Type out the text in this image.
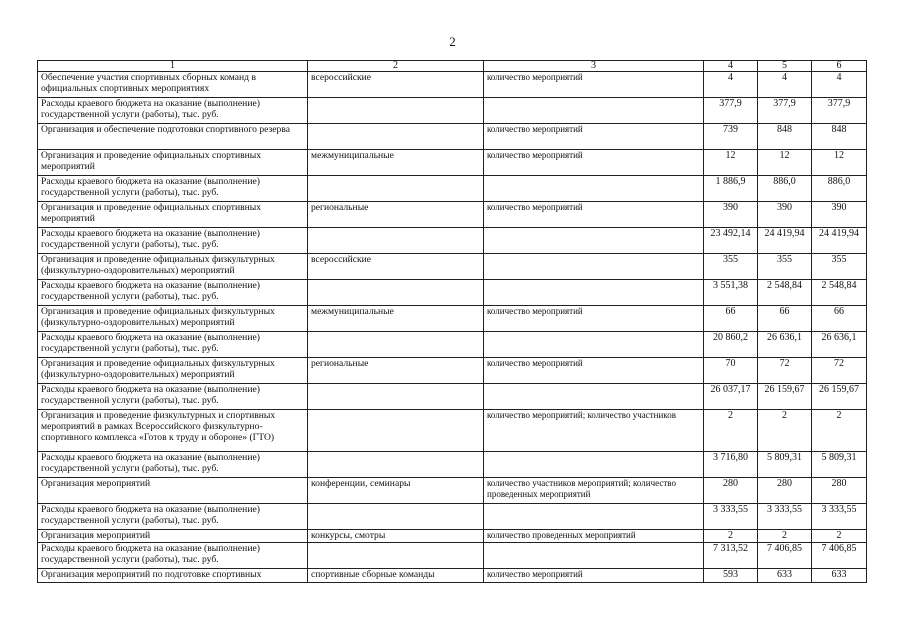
2
1	2	3	4	5	6
Обеспечение участия спортивных сборных команд в официальных спортивных мероприятиях	всероссийские	количество мероприятий	4	4	4
Расходы краевого бюджета на оказание (выполнение) государственной услуги (работы), тыс. руб.			377,9	377,9	377,9
Организация и обеспечение подготовки спортивного резерва		количество мероприятий	739	848	848
Организация и проведение официальных спортивных мероприятий	межмуниципальные	количество мероприятий	12	12	12
Расходы краевого бюджета на оказание (выполнение) государственной услуги (работы), тыс. руб.			1 886,9	886,0	886,0
Организация и проведение официальных спортивных мероприятий	региональные	количество мероприятий	390	390	390
Расходы краевого бюджета на оказание (выполнение) государственной услуги (работы), тыс. руб.			23 492,14	24 419,94	24 419,94
Организация и проведение официальных физкультурных (физкультурно-оздоровительных) мероприятий	всероссийские		355	355	355
Расходы краевого бюджета на оказание (выполнение) государственной услуги (работы), тыс. руб.			3 551,38	2 548,84	2 548,84
Организация и проведение официальных физкультурных (физкультурно-оздоровительных) мероприятий	межмуниципальные	количество мероприятий	66	66	66
Расходы краевого бюджета на оказание (выполнение) государственной услуги (работы), тыс. руб.			20 860,2	26 636,1	26 636,1
Организация и проведение официальных физкультурных (физкультурно-оздоровительных) мероприятий	региональные	количество мероприятий	70	72	72
Расходы краевого бюджета на оказание (выполнение) государственной услуги (работы), тыс. руб.			26 037,17	26 159,67	26 159,67
Организация и проведение физкультурных и спортивных мероприятий в рамках Всероссийского физкультурно-спортивного комплекса «Готов к труду и обороне» (ГТО)		количество мероприятий; количество участников	2	2	2
Расходы краевого бюджета на оказание (выполнение) государственной услуги (работы), тыс. руб.			3 716,80	5 809,31	5 809,31
Организация мероприятий	конференции, семинары	количество участников мероприятий; количество проведенных мероприятий	280	280	280
Расходы краевого бюджета на оказание (выполнение) государственной услуги (работы), тыс. руб.			3 333,55	3 333,55	3 333,55
Организация мероприятий	конкурсы, смотры	количество проведенных мероприятий	2	2	2
Расходы краевого бюджета на оказание (выполнение) государственной услуги (работы), тыс. руб.			7 313,52	7 406,85	7 406,85
Организация мероприятий по подготовке спортивных	спортивные сборные команды	количество мероприятий	593	633	633
